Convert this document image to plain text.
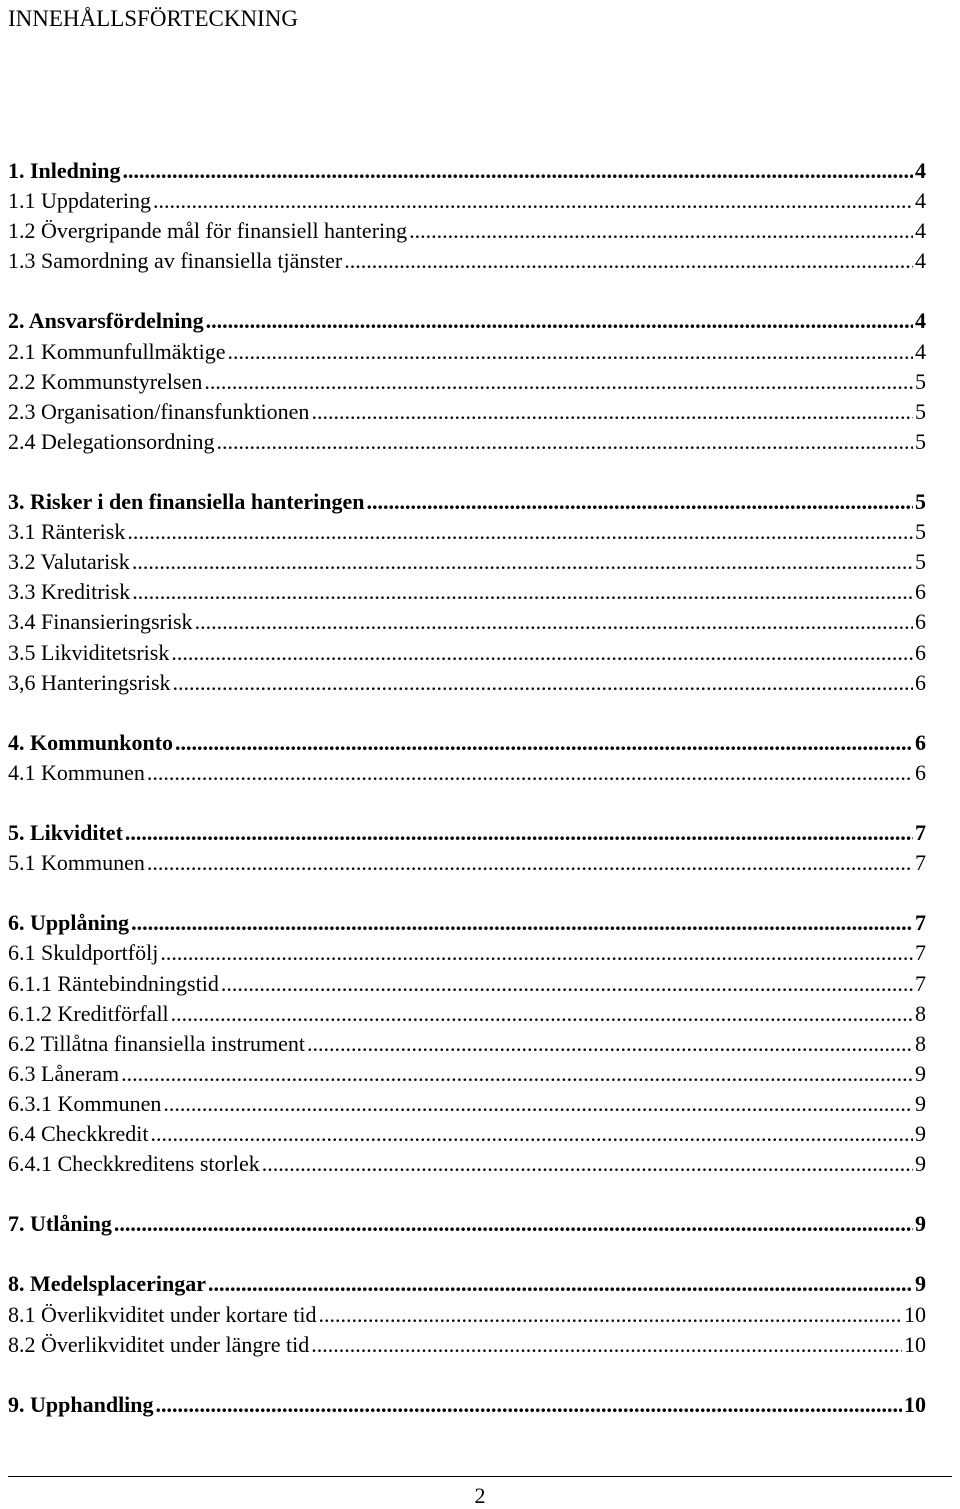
INNEHÅLLSFÖRTECKNING
1. Inledning .....	4
1.1 Uppdatering .....	4
1.2 Övergripande mål för finansiell hantering .....	4
1.3 Samordning av finansiella tjänster .....	4
2. Ansvarsfördelning .....	4
2.1 Kommunfullmäktige .....	4
2.2 Kommunstyrelsen .....	5
2.3 Organisation/finansfunktionen .....	5
2.4 Delegationsordning .....	5
3. Risker i den finansiella hanteringen .....	5
3.1 Ränterisk .....	5
3.2 Valutarisk .....	5
3.3 Kreditrisk .....	6
3.4 Finansieringsrisk .....	6
3.5 Likviditetsrisk .....	6
3,6 Hanteringsrisk .....	6
4. Kommunkonto .....	6
4.1 Kommunen .....	6
5. Likviditet .....	7
5.1 Kommunen .....	7
6. Upplåning .....	7
6.1 Skuldportfölj .....	7
6.1.1 Räntebindningstid .....	7
6.1.2 Kreditförfall .....	8
6.2 Tillåtna finansiella instrument .....	8
6.3 Låneram .....	9
6.3.1 Kommunen .....	9
6.4 Checkkredit .....	9
6.4.1 Checkkreditens storlek .....	9
7. Utlåning .....	9
8. Medelsplaceringar .....	9
8.1 Överlikviditet under kortare tid .....	10
8.2 Överlikviditet under längre tid .....	10
9. Upphandling .....	10
2
